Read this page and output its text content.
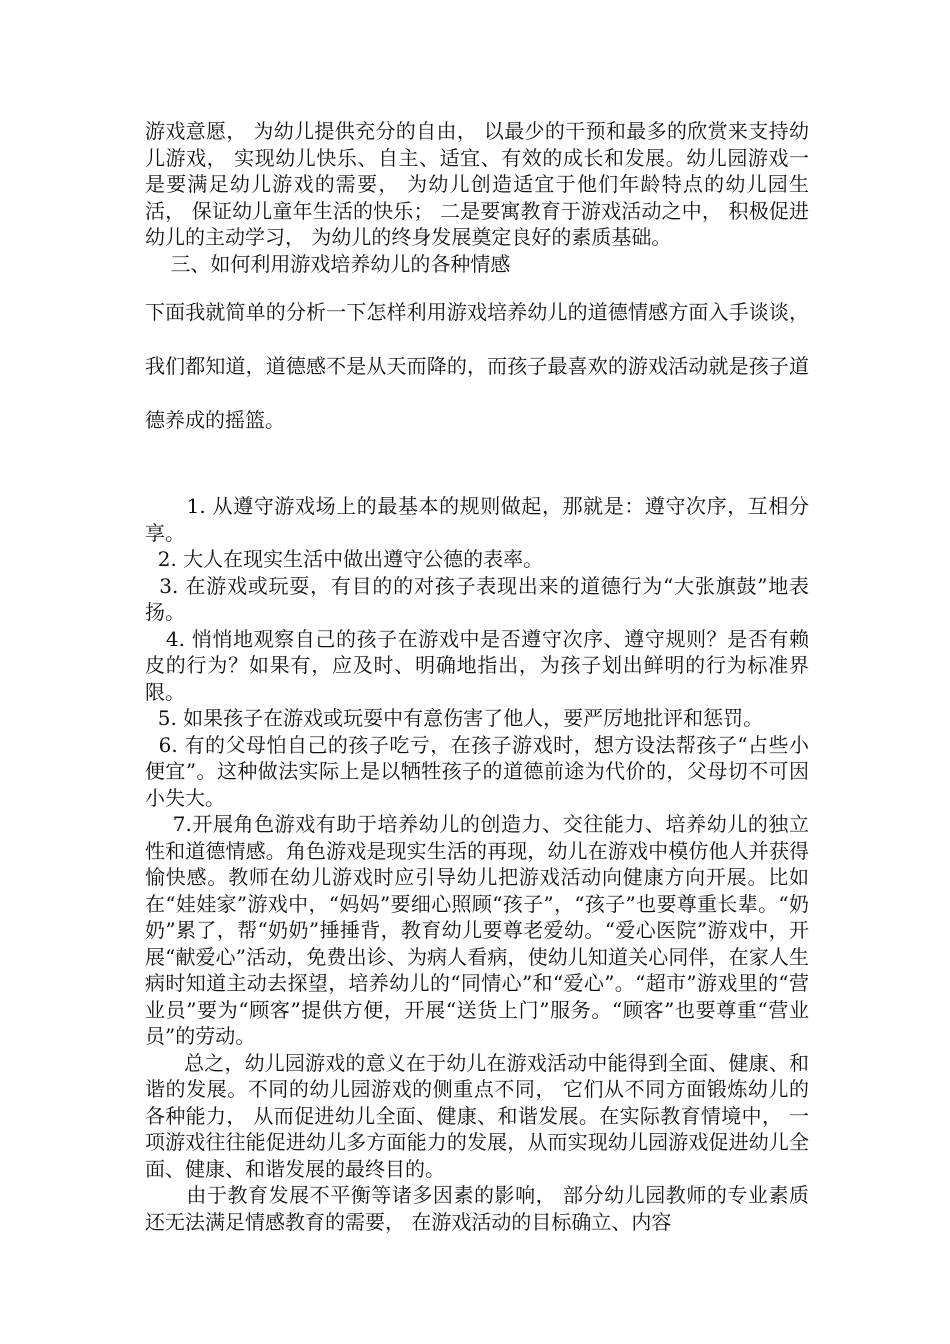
游戏意愿， 为幼儿提供充分的自由， 以最少的干预和最多的欣赏来支持幼儿游戏， 实现幼儿快乐、自主、适宜、有效的成长和发展。幼儿园游戏一是要满足幼儿游戏的需要， 为幼儿创造适宜于他们年龄特点的幼儿园生活， 保证幼儿童年生活的快乐； 二是要寓教育于游戏活动之中， 积极促进幼儿的主动学习， 为幼儿的终身发展奠定良好的素质基础。

三、如何利用游戏培养幼儿的各种情感

下面我就简单的分析一下怎样利用游戏培养幼儿的道德情感方面入手谈谈，我们都知道，道德感不是从天而降的，而孩子最喜欢的游戏活动就是孩子道德养成的摇篮。

1. 从遵守游戏场上的最基本的规则做起，那就是：遵守次序，互相分享。

2. 大人在现实生活中做出遵守公德的表率。

3. 在游戏或玩耍，有目的的对孩子表现出来的道德行为“大张旗鼓”地表扬。

4. 悄悄地观察自己的孩子在游戏中是否遵守次序、遵守规则？是否有赖皮的行为？如果有，应及时、明确地指出，为孩子划出鲜明的行为标准界限。

5. 如果孩子在游戏或玩耍中有意伤害了他人，要严厉地批评和惩罚。

6. 有的父母怕自己的孩子吃亏，在孩子游戏时，想方设法帮孩子“占些小便宜”。这种做法实际上是以牺牲孩子的道德前途为代价的，父母切不可因小失大。

7.开展角色游戏有助于培养幼儿的创造力、交往能力、培养幼儿的独立性和道德情感。角色游戏是现实生活的再现，幼儿在游戏中模仿他人并获得愉快感。教师在幼儿游戏时应引导幼儿把游戏活动向健康方向开展。比如在“娃娃家”游戏中，“妈妈”要细心照顾“孩子”，“孩子”也要尊重长辈。“奶奶”累了，帮“奶奶”捶捶背，教育幼儿要尊老爱幼。“爱心医院”游戏中，开展“献爱心”活动，免费出诊、为病人看病，使幼儿知道关心同伴，在家人生病时知道主动去探望，培养幼儿的“同情心”和“爱心”。“超市”游戏里的“营业员”要为“顾客”提供方便，开展“送货上门”服务。“顾客”也要尊重“营业员”的劳动。

总之，幼儿园游戏的意义在于幼儿在游戏活动中能得到全面、健康、和谐的发展。不同的幼儿园游戏的侧重点不同， 它们从不同方面锻炼幼儿的各种能力， 从而促进幼儿全面、健康、和谐发展。在实际教育情境中， 一项游戏往往能促进幼儿多方面能力的发展，从而实现幼儿园游戏促进幼儿全面、健康、和谐发展的最终目的。

由于教育发展不平衡等诸多因素的影响， 部分幼儿园教师的专业素质还无法满足情感教育的需要， 在游戏活动的目标确立、内容
